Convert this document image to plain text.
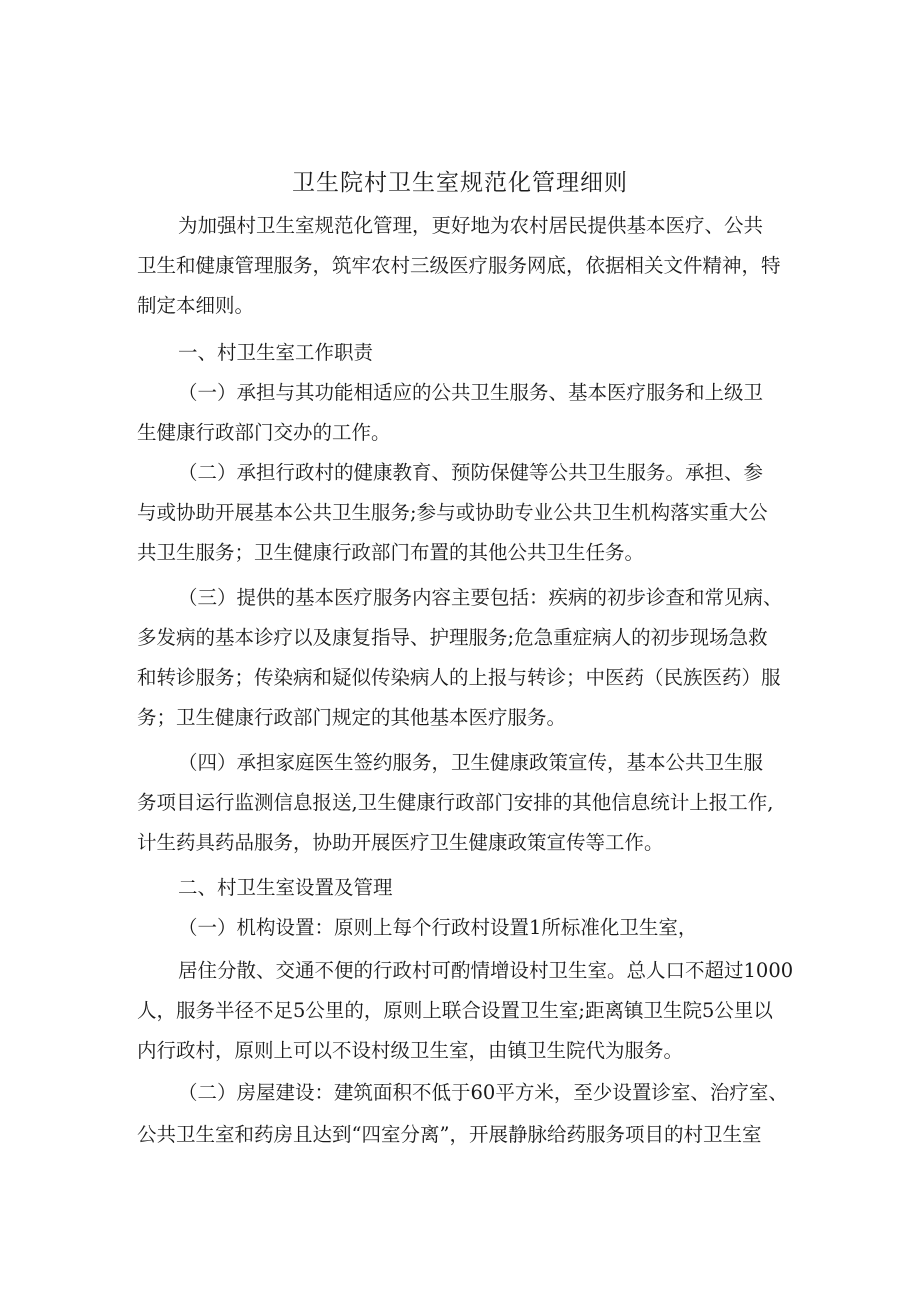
卫生院村卫生室规范化管理细则
为加强村卫生室规范化管理，更好地为农村居民提供基本医疗、公共
卫生和健康管理服务，筑牢农村三级医疗服务网底，依据相关文件精神，特
制定本细则。
一、村卫生室工作职责
（一）承担与其功能相适应的公共卫生服务、基本医疗服务和上级卫
生健康行政部门交办的工作。
（二）承担行政村的健康教育、预防保健等公共卫生服务。承担、参
与或协助开展基本公共卫生服务;参与或协助专业公共卫生机构落实重大公
共卫生服务；卫生健康行政部门布置的其他公共卫生任务。
（三）提供的基本医疗服务内容主要包括：疾病的初步诊查和常见病、
多发病的基本诊疗以及康复指导、护理服务;危急重症病人的初步现场急救
和转诊服务；传染病和疑似传染病人的上报与转诊；中医药（民族医药）服
务；卫生健康行政部门规定的其他基本医疗服务。
（四）承担家庭医生签约服务，卫生健康政策宣传，基本公共卫生服
务项目运行监测信息报送,卫生健康行政部门安排的其他信息统计上报工作,
计生药具药品服务，协助开展医疗卫生健康政策宣传等工作。
二、村卫生室设置及管理
（一）机构设置：原则上每个行政村设置1所标准化卫生室，
居住分散、交通不便的行政村可酌情增设村卫生室。总人口不超过1000
人，服务半径不足5公里的，原则上联合设置卫生室;距离镇卫生院5公里以
内行政村，原则上可以不设村级卫生室，由镇卫生院代为服务。
（二）房屋建设：建筑面积不低于60平方米，至少设置诊室、治疗室、
公共卫生室和药房且达到“四室分离”，开展静脉给药服务项目的村卫生室
